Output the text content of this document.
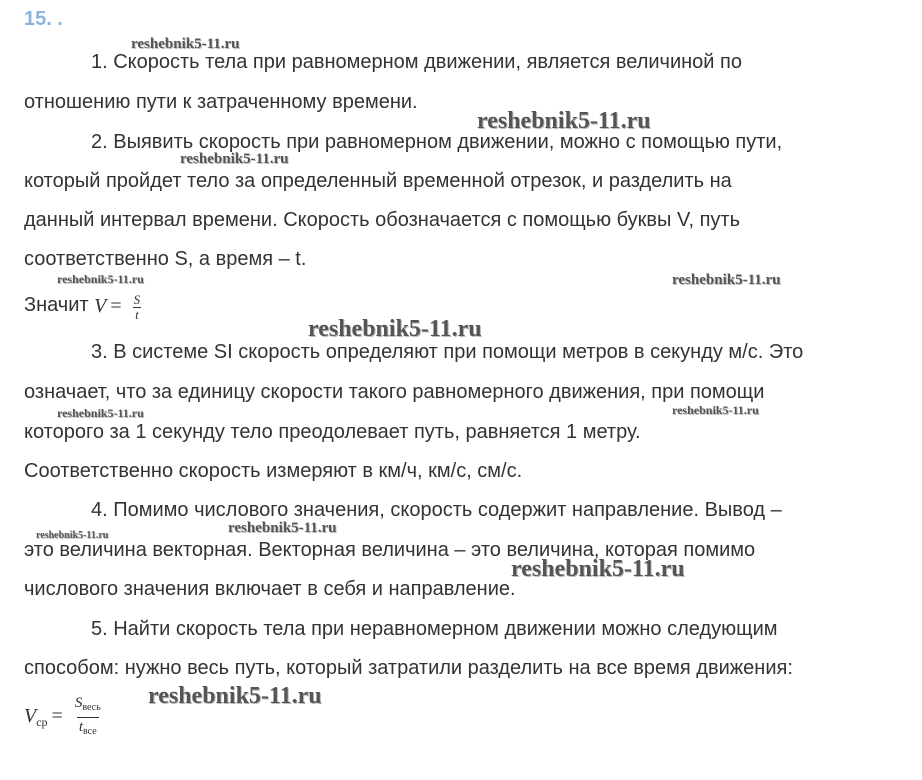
15. .
1. Скорость тела при равномерном движении, является величиной по
отношению пути к затраченному времени.
2. Выявить скорость при равномерном движении, можно с помощью пути,
который пройдет тело за определенный временной отрезок, и разделить на
данный интервал времени. Скорость обозначается с помощью буквы V, путь
соответственно S, а время – t.
Значит $V = \frac{S}{t}$
3. В системе SI скорость определяют при помощи метров в секунду м/с. Это
означает, что за единицу скорости такого равномерного движения, при помощи
которого за 1 секунду тело преодолевает путь, равняется 1 метру.
Соответственно скорость измеряют в км/ч, км/с, см/с.
4. Помимо числового значения, скорость содержит направление. Вывод –
это величина векторная. Векторная величина – это величина, которая помимо
числового значения включает в себя и направление.
5. Найти скорость тела при неравномерном движении можно следующим
способом: нужно весь путь, который затратили разделить на все время движения:
$V_{ср} = \frac{S_{весь}}{t_{все}}$
reshebnik5-11.ru
reshebnik5-11.ru
reshebnik5-11.ru
reshebnik5-11.ru	reshebnik5-11.ru
reshebnik5-11.ru
reshebnik5-11.ru	reshebnik5-11.ru
reshebnik5-11.ru
reshebnik5-11.ru
reshebnik5-11.ru
reshebnik5-11.ru
